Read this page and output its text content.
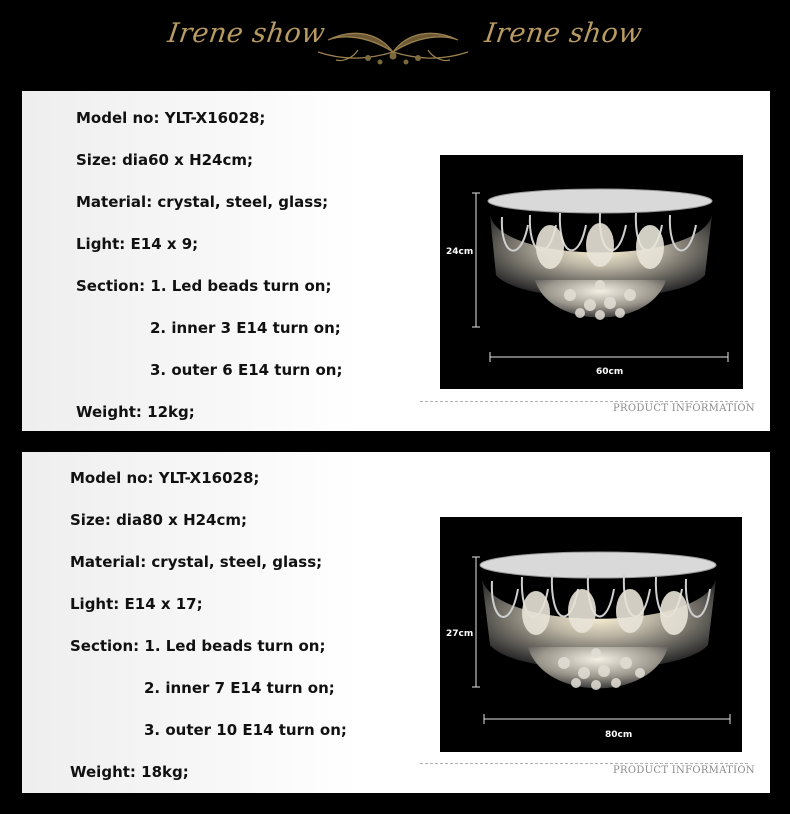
Irene show	Irene show

Model no: YLT-X16028;

Size: dia60 x H24cm;

Material: crystal, steel, glass;

Light: E14 x 9;

Section: 1. Led beads turn on;

2. inner 3 E14 turn on;

3. outer 6 E14 turn on;

Weight: 12kg;

24cm
60cm
PRODUCT INFORMATION

Model no: YLT-X16028;

Size: dia80 x H24cm;

Material: crystal, steel, glass;

Light: E14 x 17;

Section: 1. Led beads turn on;

2. inner 7 E14 turn on;

3. outer 10 E14 turn on;

Weight: 18kg;

27cm
80cm
PRODUCT INFORMATION
